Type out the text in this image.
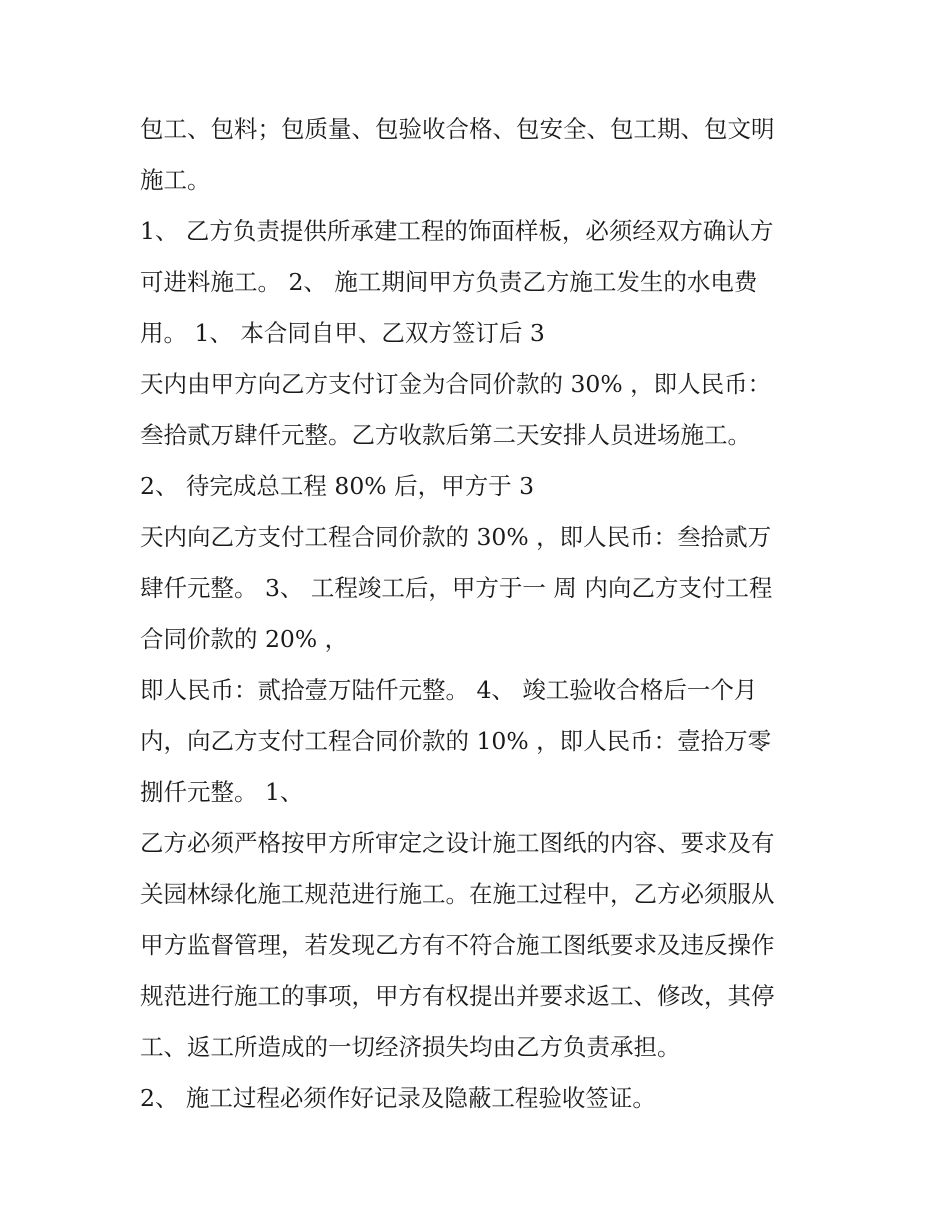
包工、包料；包质量、包验收合格、包安全、包工期、包文明
施工。
1、 乙方负责提供所承建工程的饰面样板，必须经双方确认方
可进料施工。 2、 施工期间甲方负责乙方施工发生的水电费
用。 1、 本合同自甲、乙双方签订后 3
天内由甲方向乙方支付订金为合同价款的 30% ，即人民币：
叁拾贰万肆仟元整。乙方收款后第二天安排人员进场施工。
2、 待完成总工程 80% 后，甲方于 3
天内向乙方支付工程合同价款的 30% ，即人民币：叁拾贰万
肆仟元整。 3、 工程竣工后，甲方于一 周 内向乙方支付工程
合同价款的 20% ，
即人民币：贰拾壹万陆仟元整。 4、 竣工验收合格后一个月
内，向乙方支付工程合同价款的 10% ，即人民币：壹拾万零
捌仟元整。 1、
乙方必须严格按甲方所审定之设计施工图纸的内容、要求及有
关园林绿化施工规范进行施工。在施工过程中，乙方必须服从
甲方监督管理，若发现乙方有不符合施工图纸要求及违反操作
规范进行施工的事项，甲方有权提出并要求返工、修改，其停
工、返工所造成的一切经济损失均由乙方负责承担。
2、 施工过程必须作好记录及隐蔽工程验收签证。
